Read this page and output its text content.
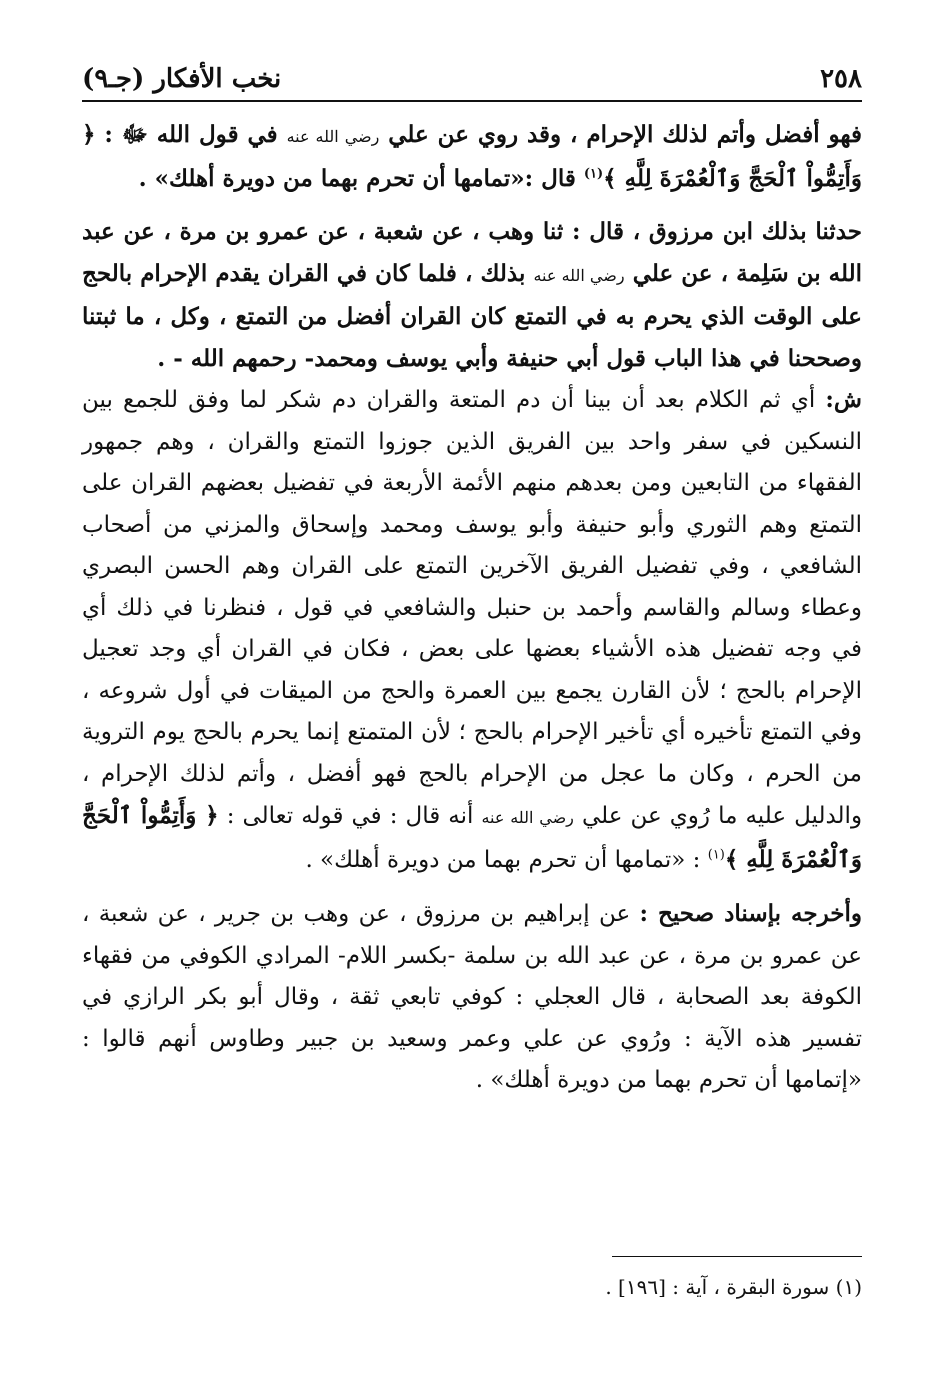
٢٥٨
نخب الأفكار (جـ٩)

فهو أفضل وأتم لذلك الإحرام ، وقد روي عن علي رضي الله عنه في قول الله ﷻ : ﴿ وَأَتِمُّواْ ٱلْحَجَّ وَٱلْعُمْرَةَ لِلَّهِ ﴾$^{(١)}$ قال :«تمامها أن تحرم بهما من دويرة أهلك» .

حدثنا بذلك ابن مرزوق ، قال : ثنا وهب ، عن شعبة ، عن عمرو بن مرة ، عن عبد الله بن سَلِمة ، عن علي رضي الله عنه بذلك ، فلما كان في القران يقدم الإحرام بالحج على الوقت الذي يحرم به في التمتع كان القران أفضل من التمتع ، وكل ، ما ثبتنا وصححنا في هذا الباب قول أبي حنيفة وأبي يوسف ومحمد- رحمهم الله - .

ش: أي ثم الكلام بعد أن بينا أن دم المتعة والقران دم شكر لما وفق للجمع بين النسكين في سفر واحد بين الفريق الذين جوزوا التمتع والقران ، وهم جمهور الفقهاء من التابعين ومن بعدهم منهم الأئمة الأربعة في تفضيل بعضهم القران على التمتع وهم الثوري وأبو حنيفة وأبو يوسف ومحمد وإسحاق والمزني من أصحاب الشافعي ، وفي تفضيل الفريق الآخرين التمتع على القران وهم الحسن البصري وعطاء وسالم والقاسم وأحمد بن حنبل والشافعي في قول ، فنظرنا في ذلك أي في وجه تفضيل هذه الأشياء بعضها على بعض ، فكان في القران أي وجد تعجيل الإحرام بالحج ؛ لأن القارن يجمع بين العمرة والحج من الميقات في أول شروعه ، وفي التمتع تأخيره أي تأخير الإحرام بالحج ؛ لأن المتمتع إنما يحرم بالحج يوم التروية من الحرم ، وكان ما عجل من الإحرام بالحج فهو أفضل ، وأتم لذلك الإحرام ، والدليل عليه ما رُوي عن علي رضي الله عنه أنه قال : في قوله تعالى : ﴿ وَأَتِمُّواْ ٱلْحَجَّ وَٱلْعُمْرَةَ لِلَّهِ ﴾$^{(١)}$ : «تمامها أن تحرم بهما من دويرة أهلك» .

وأخرجه بإسناد صحيح : عن إبراهيم بن مرزوق ، عن وهب بن جرير ، عن شعبة ، عن عمرو بن مرة ، عن عبد الله بن سلمة -بكسر اللام- المرادي الكوفي من فقهاء الكوفة بعد الصحابة ، قال العجلي : كوفي تابعي ثقة ، وقال أبو بكر الرازي في تفسير هذه الآية : ورُوي عن علي وعمر وسعيد بن جبير وطاوس أنهم قالوا : «إتمامها أن تحرم بهما من دويرة أهلك» .

(١) سورة البقرة ، آية : [١٩٦] .
